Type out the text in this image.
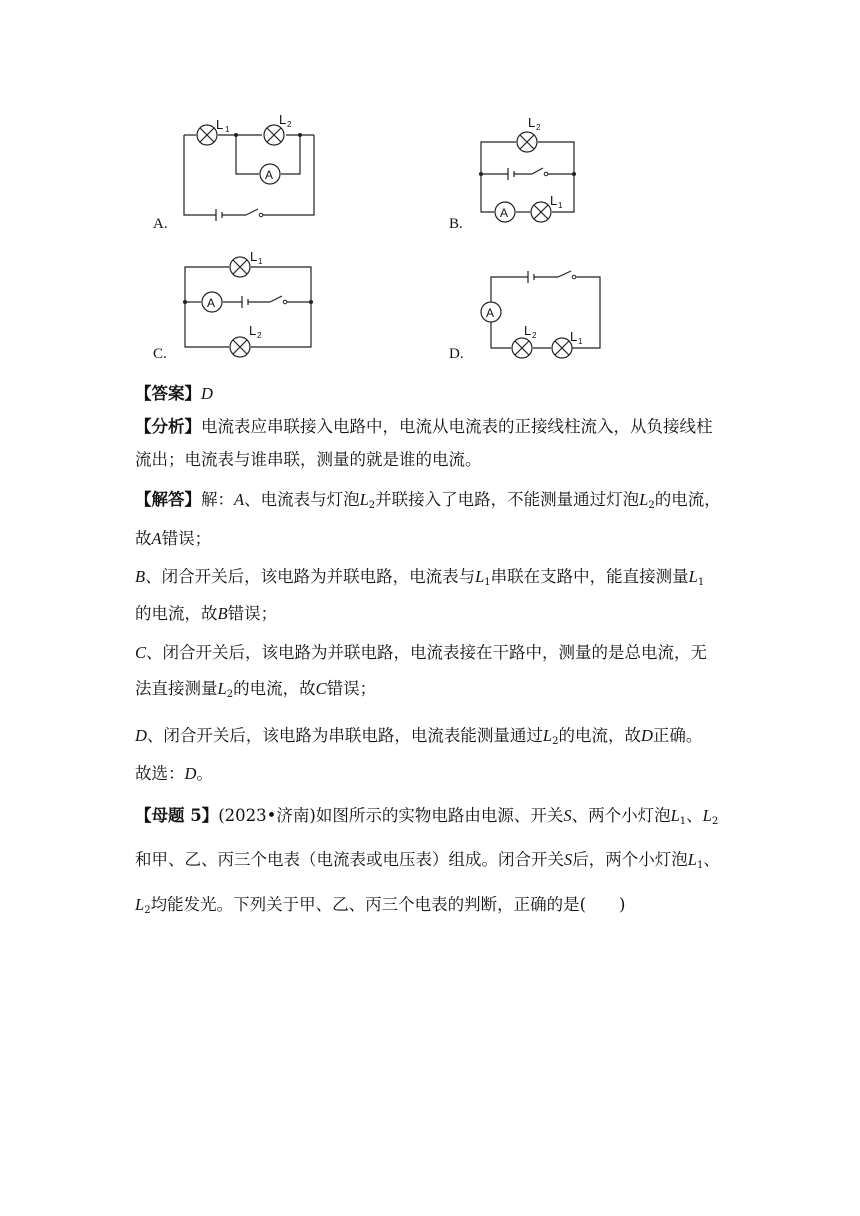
A.
L 1
L 2
A
B.
L 2
A
L 1
C.
L 1
A
L 2
D.
A
L 2	L 1
【答案】D
【分析】电流表应串联接入电路中，电流从电流表的正接线柱流入，从负接线柱
流出；电流表与谁串联，测量的就是谁的电流。
【解答】解：A、电流表与灯泡$L_2$并联接入了电路，不能测量通过灯泡$L_2$的电流，
故A错误；
B、闭合开关后，该电路为并联电路，电流表与$L_1$串联在支路中，能直接测量$L_1$
的电流，故B错误；
C、闭合开关后，该电路为并联电路，电流表接在干路中，测量的是总电流，无
法直接测量$L_2$的电流，故C错误；
D、闭合开关后，该电路为串联电路，电流表能测量通过$L_2$的电流，故D正确。
故选：D。
【母题 5】(2023•济南)如图所示的实物电路由电源、开关S、两个小灯泡$L_1$、$L_2$
和甲、乙、丙三个电表（电流表或电压表）组成。闭合开关S后，两个小灯泡$L_1$、
$L_2$均能发光。下列关于甲、乙、丙三个电表的判断，正确的是(　　)
